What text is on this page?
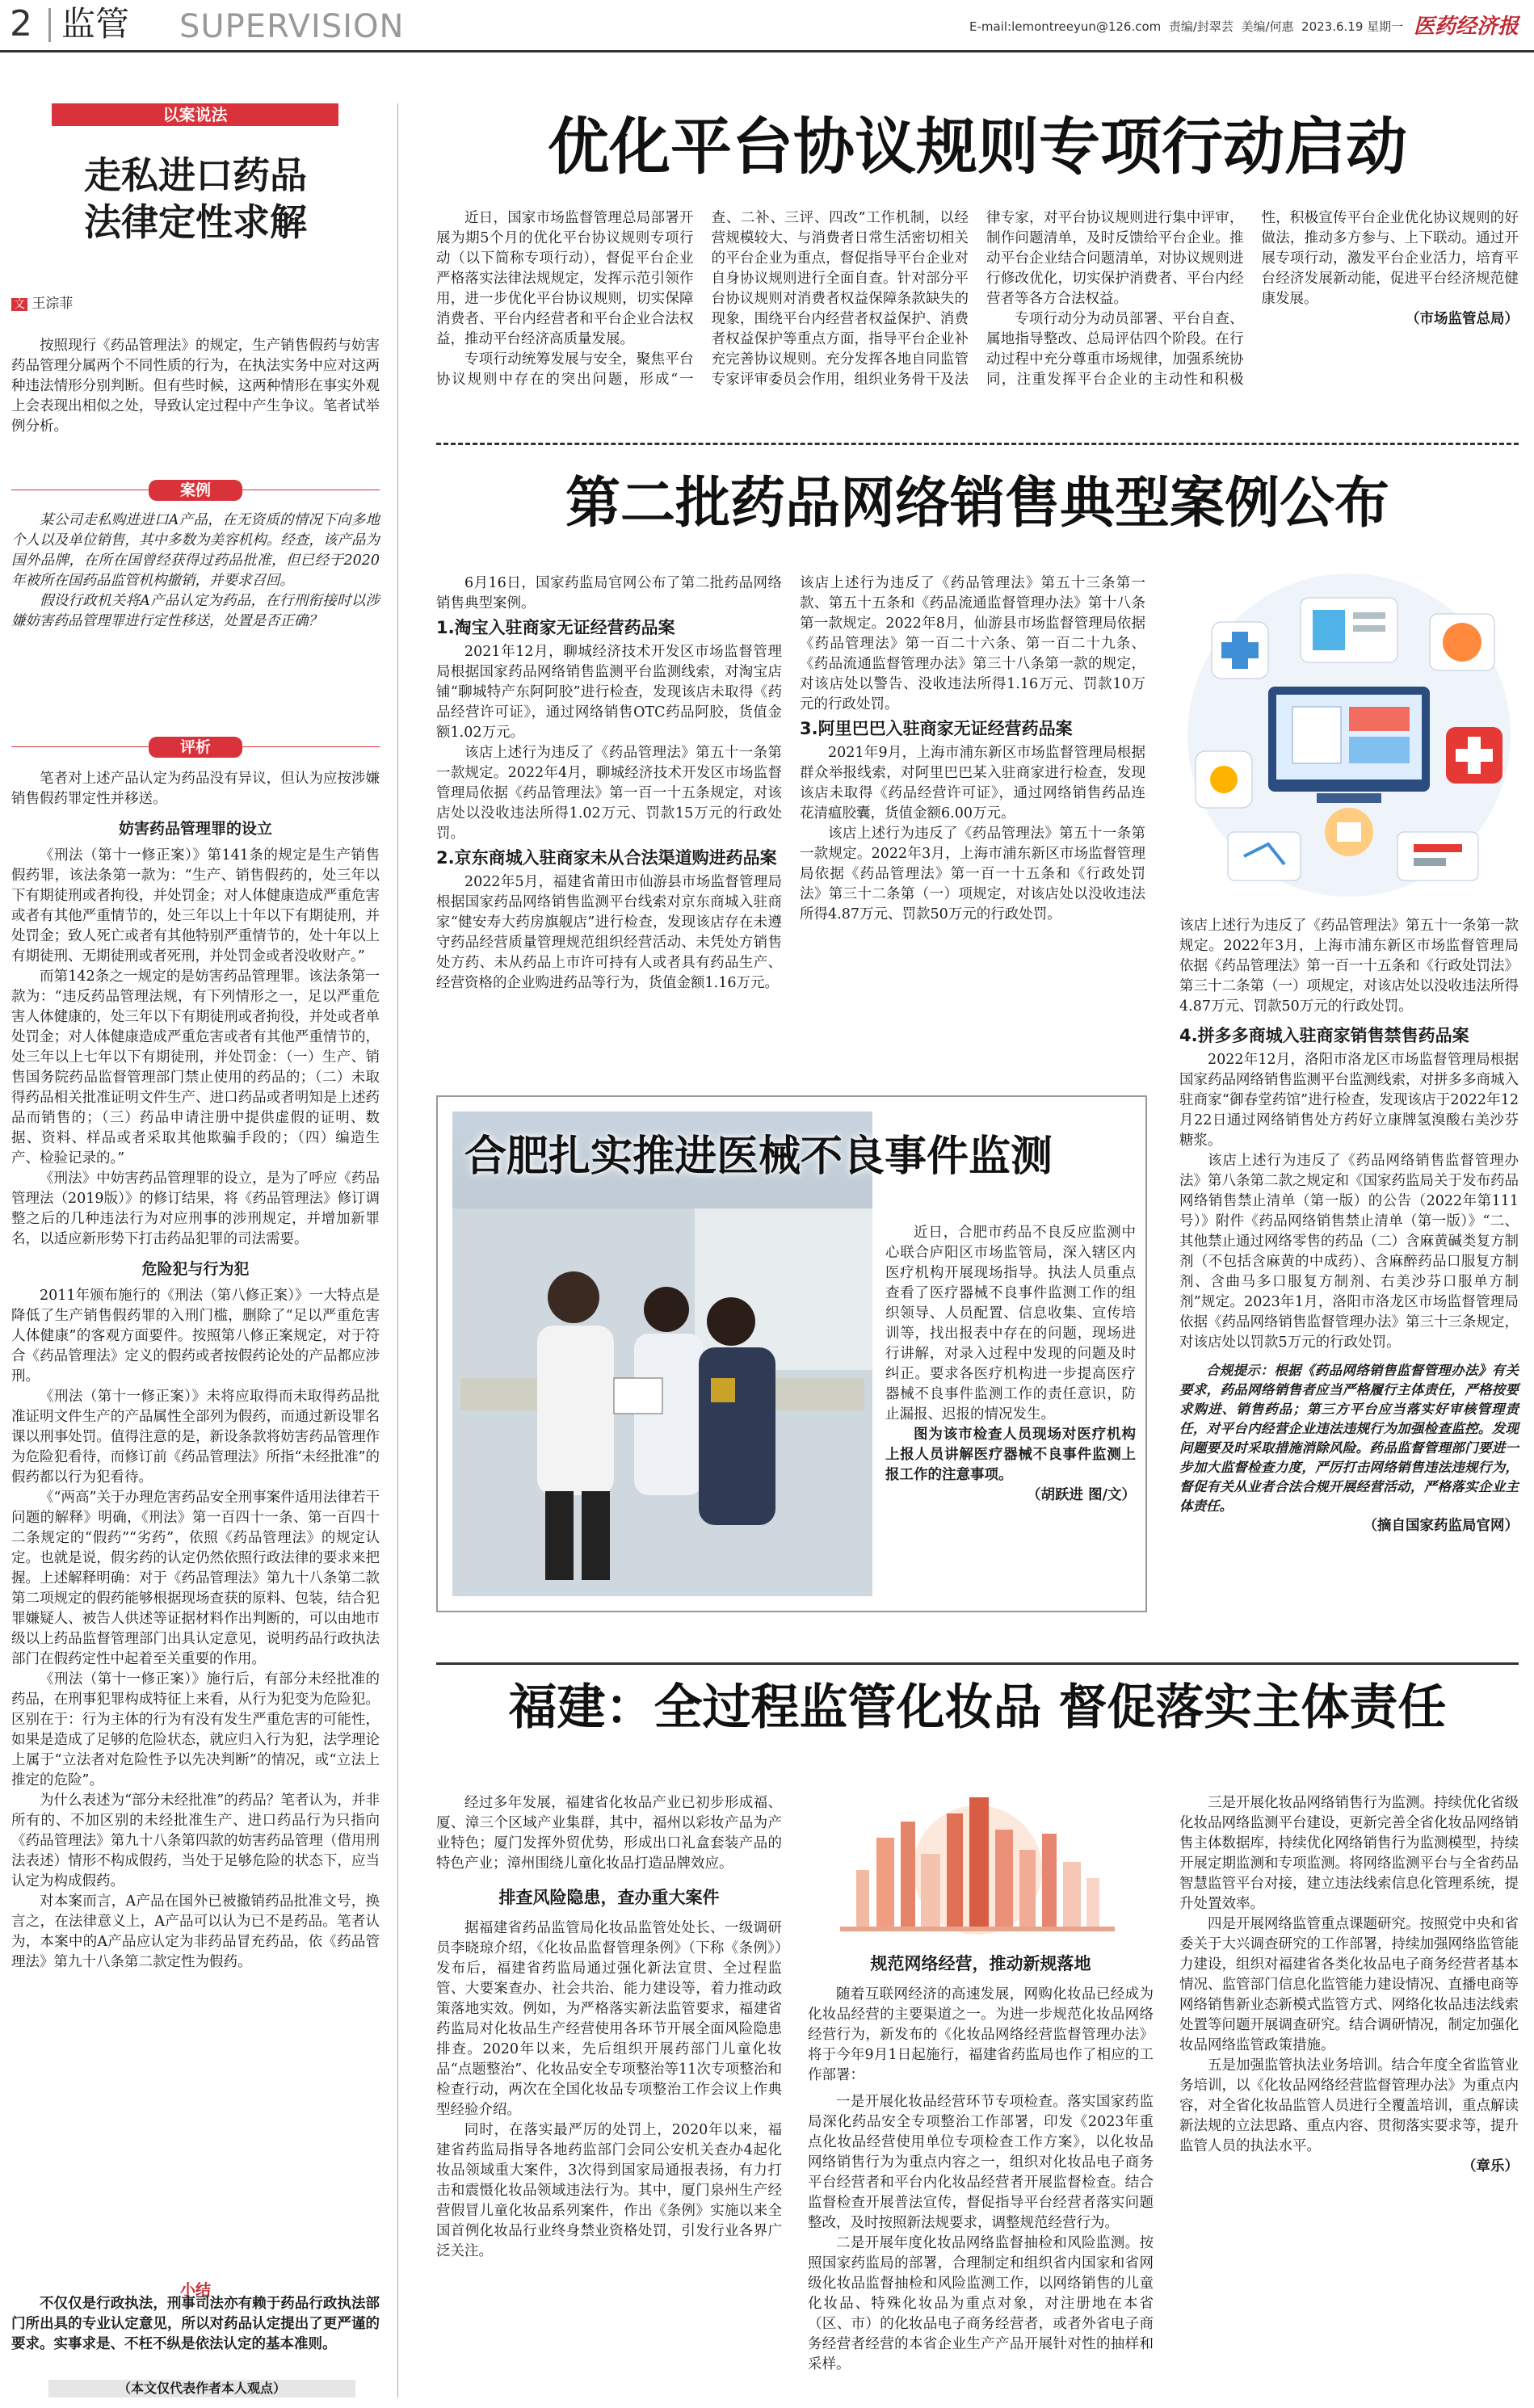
2 监管 SUPERVISION	E-mail:lemontreeyun@126.com 责编/封翠芸 美编/何惠 2023.6.19 星期一 医药经济报
以案说法
走私进口药品
法律定性求解
文 王淙菲

按照现行《药品管理法》的规定，生产销售假药与妨害药品管理分属两个不同性质的行为，在执法实务中应对这两种违法情形分别判断。但有些时候，这两种情形在事实外观上会表现出相似之处，导致认定过程中产生争议。笔者试举例分析。

案例

某公司走私购进进口A产品，在无资质的情况下向多地个人以及单位销售，其中多数为美容机构。经查，该产品为国外品牌，在所在国曾经获得过药品批准，但已经于2020年被所在国药品监管机构撤销，并要求召回。

假设行政机关将A产品认定为药品，在行刑衔接时以涉嫌妨害药品管理罪进行定性移送，处置是否正确？

评析

笔者对上述产品认定为药品没有异议，但认为应按涉嫌销售假药罪定性并移送。

妨害药品管理罪的设立

《刑法（第十一修正案）》第141条的规定是生产销售假药罪，该法条第一款为：“生产、销售假药的，处三年以下有期徒刑或者拘役，并处罚金；对人体健康造成严重危害或者有其他严重情节的，处三年以上十年以下有期徒刑，并处罚金；致人死亡或者有其他特别严重情节的，处十年以上有期徒刑、无期徒刑或者死刑，并处罚金或者没收财产。”

而第142条之一规定的是妨害药品管理罪。该法条第一款为：“违反药品管理法规，有下列情形之一，足以严重危害人体健康的，处三年以下有期徒刑或者拘役，并处或者单处罚金；对人体健康造成严重危害或者有其他严重情节的，处三年以上七年以下有期徒刑，并处罚金：（一）生产、销售国务院药品监督管理部门禁止使用的药品的；（二）未取得药品相关批准证明文件生产、进口药品或者明知是上述药品而销售的；（三）药品申请注册中提供虚假的证明、数据、资料、样品或者采取其他欺骗手段的；（四）编造生产、检验记录的。”

《刑法》中妨害药品管理罪的设立，是为了呼应《药品管理法（2019版）》的修订结果，将《药品管理法》修订调整之后的几种违法行为对应刑事的涉刑规定，并增加新罪名，以适应新形势下打击药品犯罪的司法需要。

危险犯与行为犯

2011年颁布施行的《刑法（第八修正案）》一大特点是降低了生产销售假药罪的入刑门槛，删除了“足以严重危害人体健康”的客观方面要件。按照第八修正案规定，对于符合《药品管理法》定义的假药或者按假药论处的产品都应涉刑。

《刑法（第十一修正案）》未将应取得而未取得药品批准证明文件生产的产品属性全部列为假药，而通过新设罪名课以刑事处罚。值得注意的是，新设条款将妨害药品管理作为危险犯看待，而修订前《药品管理法》所指“未经批准”的假药都以行为犯看待。

《“两高”关于办理危害药品安全刑事案件适用法律若干问题的解释》明确，《刑法》第一百四十一条、第一百四十二条规定的“假药”“劣药”，依照《药品管理法》的规定认定。也就是说，假劣药的认定仍然依照行政法律的要求来把握。上述解释明确：对于《药品管理法》第九十八条第二款第二项规定的假药能够根据现场查获的原料、包装，结合犯罪嫌疑人、被告人供述等证据材料作出判断的，可以由地市级以上药品监督管理部门出具认定意见，说明药品行政执法部门在假药定性中起着至关重要的作用。

《刑法（第十一修正案）》施行后，有部分未经批准的药品，在刑事犯罪构成特征上来看，从行为犯变为危险犯。区别在于：行为主体的行为有没有发生严重危害的可能性，如果是造成了足够的危险状态，就应归入行为犯，法学理论上属于“立法者对危险性予以先决判断”的情况，或“立法上推定的危险”。

为什么表述为“部分未经批准”的药品？笔者认为，并非所有的、不加区别的未经批准生产、进口药品行为只指向《药品管理法》第九十八条第四款的妨害药品管理（借用刑法表述）情形不构成假药，当处于足够危险的状态下，应当认定为构成假药。

对本案而言，A产品在国外已被撤销药品批准文号，换言之，在法律意义上，A产品可以认为已不是药品。笔者认为，本案中的A产品应认定为非药品冒充药品，依《药品管理法》第九十八条第二款定性为假药。

小结

不仅仅是行政执法，刑事司法亦有赖于药品行政执法部门所出具的专业认定意见，所以对药品认定提出了更严谨的要求。实事求是、不枉不纵是依法认定的基本准则。

（本文仅代表作者本人观点）
优化平台协议规则专项行动启动

近日，国家市场监督管理总局部署开展为期5个月的优化平台协议规则专项行动（以下简称专项行动），督促平台企业严格落实法律法规规定，发挥示范引领作用，进一步优化平台协议规则，切实保障消费者、平台内经营者和平台企业合法权益，推动平台经济高质量发展。

专项行动统筹发展与安全，聚焦平台协议规则中存在的突出问题，形成“一查、二补、三评、四改”工作机制，以经营规模较大、与消费者日常生活密切相关的平台企业为重点，督促指导平台企业对自身协议规则进行全面自查。针对部分平台协议规则对消费者权益保障条款缺失的现象，围绕平台内经营者权益保护、消费者权益保护等重点方面，指导平台企业补充完善协议规则。充分发挥各地自同监管专家评审委员会作用，组织业务骨干及法律专家，对平台协议规则进行集中评审，制作问题清单，及时反馈给平台企业。推动平台企业结合问题清单，对协议规则进行修改优化，切实保护消费者、平台内经营者等各方合法权益。

专项行动分为动员部署、平台自查、属地指导整改、总局评估四个阶段。在行动过程中充分尊重市场规律，加强系统协同，注重发挥平台企业的主动性和积极性，积极宣传平台企业优化协议规则的好做法，推动多方参与、上下联动。通过开展专项行动，激发平台企业活力，培育平台经济发展新动能，促进平台经济规范健康发展。

（市场监管总局）
第二批药品网络销售典型案例公布

6月16日，国家药监局官网公布了第二批药品网络销售典型案例。

1.淘宝入驻商家无证经营药品案

2021年12月，聊城经济技术开发区市场监督管理局根据国家药品网络销售监测平台监测线索，对淘宝店铺“聊城特产东阿阿胶”进行检查，发现该店未取得《药品经营许可证》，通过网络销售OTC药品阿胶，货值金额1.02万元。

该店上述行为违反了《药品管理法》第五十一条第一款规定。2022年4月，聊城经济技术开发区市场监督管理局依据《药品管理法》第一百一十五条规定，对该店处以没收违法所得1.02万元、罚款15万元的行政处罚。

2.京东商城入驻商家未从合法渠道购进药品案

2022年5月，福建省莆田市仙游县市场监督管理局根据国家药品网络销售监测平台线索对京东商城入驻商家“健安寿大药房旗舰店”进行检查，发现该店存在未遵守药品经营质量管理规范组织经营活动、未凭处方销售处方药、未从药品上市许可持有人或者具有药品生产、经营资格的企业购进药品等行为，货值金额1.16万元。

该店上述行为违反了《药品管理法》第五十三条第一款、第五十五条和《药品流通监督管理办法》第十八条第一款规定。2022年8月，仙游县市场监督管理局依据《药品管理法》第一百二十六条、第一百二十九条、《药品流通监督管理办法》第三十八条第一款的规定，对该店处以警告、没收违法所得1.16万元、罚款10万元的行政处罚。

3.阿里巴巴入驻商家无证经营药品案

2021年9月，上海市浦东新区市场监督管理局根据群众举报线索，对阿里巴巴某入驻商家进行检查，发现该店未取得《药品经营许可证》，通过网络销售药品连花清瘟胶囊，货值金额6.00万元。

该店上述行为违反了《药品管理法》第五十一条第一款规定。2022年3月，上海市浦东新区市场监督管理局依据《药品管理法》第一百一十五条和《行政处罚法》第三十二条第（一）项规定，对该店处以没收违法所得4.87万元、罚款50万元的行政处罚。

该店上述行为违反了《药品管理法》第五十一条第一款规定。2022年3月，上海市浦东新区市场监督管理局依据《药品管理法》第一百一十五条和《行政处罚法》第三十二条第（一）项规定，对该店处以没收违法所得4.87万元、罚款50万元的行政处罚。

4.拼多多商城入驻商家销售禁售药品案

2022年12月，洛阳市洛龙区市场监督管理局根据国家药品网络销售监测平台监测线索，对拼多多商城入驻商家“御春堂药馆”进行检查，发现该店于2022年12月22日通过网络销售处方药好立康牌氢溴酸右美沙芬糖浆。

该店上述行为违反了《药品网络销售监督管理办法》第八条第二款之规定和《国家药监局关于发布药品网络销售禁止清单（第一版）的公告（2022年第111号）》附件《药品网络销售禁止清单（第一版）》“二、其他禁止通过网络零售的药品（二）含麻黄碱类复方制剂（不包括含麻黄的中成药）、含麻醉药品口服复方制剂、含曲马多口服复方制剂、右美沙芬口服单方制剂”规定。2023年1月，洛阳市洛龙区市场监督管理局依据《药品网络销售监督管理办法》第三十三条规定，对该店处以罚款5万元的行政处罚。

合规提示：根据《药品网络销售监督管理办法》有关要求，药品网络销售者应当严格履行主体责任，严格按要求购进、销售药品；第三方平台应当落实好审核管理责任，对平台内经营企业违法违规行为加强检查监控。发现问题要及时采取措施消除风险。药品监督管理部门要进一步加大监督检查力度，严厉打击网络销售违法违规行为，督促有关从业者合法合规开展经营活动，严格落实企业主体责任。

（摘自国家药监局官网）
合肥扎实推进医械不良事件监测

近日，合肥市药品不良反应监测中心联合庐阳区市场监管局，深入辖区内医疗机构开展现场指导。执法人员重点查看了医疗器械不良事件监测工作的组织领导、人员配置、信息收集、宣传培训等，找出报表中存在的问题，现场进行讲解，对录入过程中发现的问题及时纠正。要求各医疗机构进一步提高医疗器械不良事件监测工作的责任意识，防止漏报、迟报的情况发生。

图为该市检查人员现场对医疗机构上报人员讲解医疗器械不良事件监测上报工作的注意事项。

（胡跃进 图/文）
福建：全过程监管化妆品 督促落实主体责任

经过多年发展，福建省化妆品产业已初步形成福、厦、漳三个区域产业集群，其中，福州以彩妆产品为产业特色；厦门发挥外贸优势，形成出口礼盒套装产品的特色产业；漳州围绕儿童化妆品打造品牌效应。

排查风险隐患，查办重大案件

据福建省药品监管局化妆品监管处处长、一级调研员李晓琼介绍，《化妆品监督管理条例》（下称《条例》）发布后，福建省药监局通过强化新法宣贯、全过程监管、大要案查办、社会共治、能力建设等，着力推动政策落地实效。例如，为严格落实新法监管要求，福建省药监局对化妆品生产经营使用各环节开展全面风险隐患排查。2020年以来，先后组织开展药部门儿童化妆品“点题整治”、化妆品安全专项整治等11次专项整治和检查行动，两次在全国化妆品专项整治工作会议上作典型经验介绍。

同时，在落实最严厉的处罚上，2020年以来，福建省药监局指导各地药监部门会同公安机关查办4起化妆品领域重大案件，3次得到国家局通报表扬，有力打击和震慑化妆品领域违法行为。其中，厦门泉州生产经营假冒儿童化妆品系列案件，作出《条例》实施以来全国首例化妆品行业终身禁业资格处罚，引发行业各界广泛关注。

规范网络经营，推动新规落地

随着互联网经济的高速发展，网购化妆品已经成为化妆品经营的主要渠道之一。为进一步规范化妆品网络经营行为，新发布的《化妆品网络经营监督管理办法》将于今年9月1日起施行，福建省药监局也作了相应的工作部署：

一是开展化妆品经营环节专项检查。落实国家药监局深化药品安全专项整治工作部署，印发《2023年重点化妆品经营使用单位专项检查工作方案》，以化妆品网络销售行为为重点内容之一，组织对化妆品电子商务平台经营者和平台内化妆品经营者开展监督检查。结合监督检查开展普法宣传，督促指导平台经营者落实问题整改，及时按照新法规要求，调整规范经营行为。

二是开展年度化妆品网络监督抽检和风险监测。按照国家药监局的部署，合理制定和组织省内国家和省网级化妆品监督抽检和风险监测工作，以网络销售的儿童化妆品、特殊化妆品为重点对象，对注册地在本省（区、市）的化妆品电子商务经营者，或者外省电子商务经营者经营的本省企业生产产品开展针对性的抽样和采样。

三是开展化妆品网络销售行为监测。持续优化省级化妆品网络监测平台建设，更新完善全省化妆品网络销售主体数据库，持续优化网络销售行为监测模型，持续开展定期监测和专项监测。将网络监测平台与全省药品智慧监管平台对接，建立违法线索信息化管理系统，提升处置效率。

四是开展网络监管重点课题研究。按照党中央和省委关于大兴调查研究的工作部署，持续加强网络监管能力建设，组织对福建省各类化妆品电子商务经营者基本情况、监管部门信息化监管能力建设情况、直播电商等网络销售新业态新模式监管方式、网络化妆品违法线索处置等问题开展调查研究。结合调研情况，制定加强化妆品网络监管政策措施。

五是加强监管执法业务培训。结合年度全省监管业务培训，以《化妆品网络经营监督管理办法》为重点内容，对全省化妆品监管人员进行全覆盖培训，重点解读新法规的立法思路、重点内容、贯彻落实要求等，提升监管人员的执法水平。

（章乐）
